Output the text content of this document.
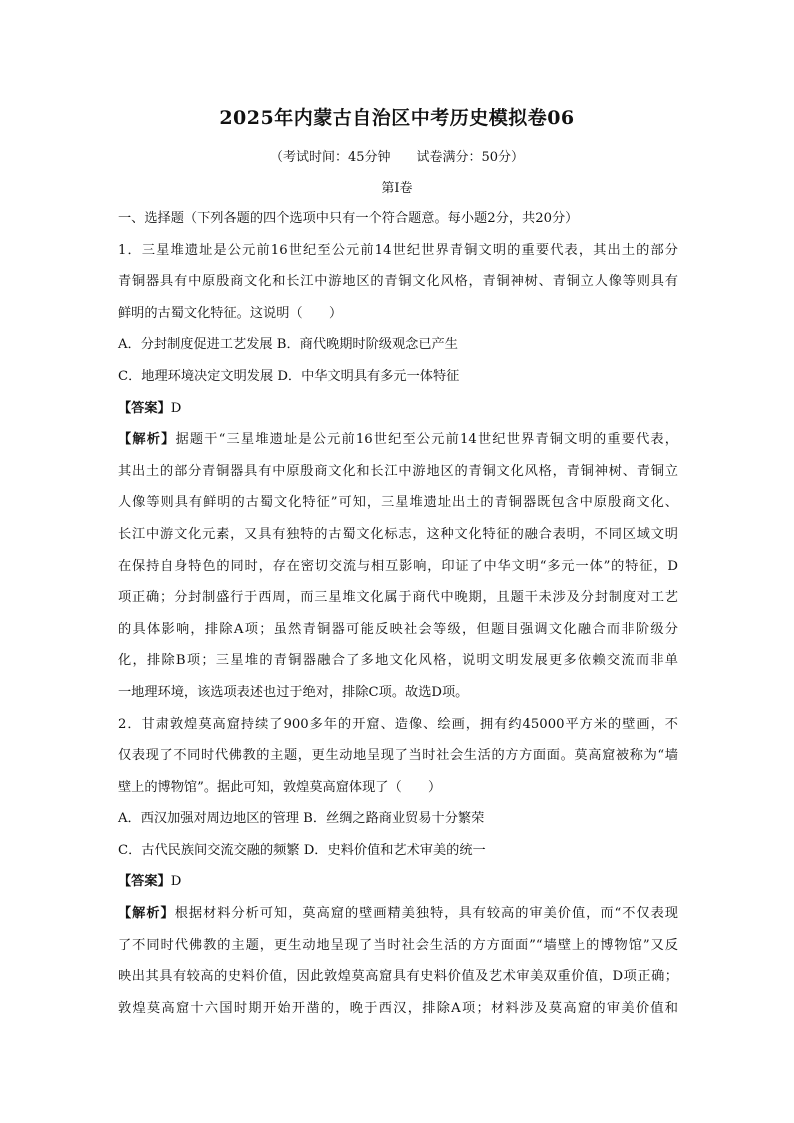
2025年内蒙古自治区中考历史模拟卷06
（考试时间：45分钟 试卷满分：50分）
第Ⅰ卷

一、选择题（下列各题的四个选项中只有一个符合题意。每小题2分，共20分）

1．三星堆遗址是公元前16世纪至公元前14世纪世界青铜文明的重要代表，其出土的部分

青铜器具有中原殷商文化和长江中游地区的青铜文化风格，青铜神树、青铜立人像等则具有

鲜明的古蜀文化特征。这说明（　　）

A．分封制度促进工艺发展 B．商代晚期时阶级观念已产生

C．地理环境决定文明发展 D．中华文明具有多元一体特征

【答案】D

【解析】据题干“三星堆遗址是公元前16世纪至公元前14世纪世界青铜文明的重要代表，

其出土的部分青铜器具有中原殷商文化和长江中游地区的青铜文化风格，青铜神树、青铜立

人像等则具有鲜明的古蜀文化特征”可知，三星堆遗址出土的青铜器既包含中原殷商文化、

长江中游文化元素，又具有独特的古蜀文化标志，这种文化特征的融合表明，不同区域文明

在保持自身特色的同时，存在密切交流与相互影响，印证了中华文明“多元一体”的特征，D

项正确；分封制盛行于西周，而三星堆文化属于商代中晚期，且题干未涉及分封制度对工艺

的具体影响，排除A项；虽然青铜器可能反映社会等级，但题目强调文化融合而非阶级分

化，排除B项；三星堆的青铜器融合了多地文化风格，说明文明发展更多依赖交流而非单

一地理环境，该选项表述也过于绝对，排除C项。故选D项。

2．甘肃敦煌莫高窟持续了900多年的开窟、造像、绘画，拥有约45000平方米的壁画，不

仅表现了不同时代佛教的主题，更生动地呈现了当时社会生活的方方面面。莫高窟被称为“墙

壁上的博物馆”。据此可知，敦煌莫高窟体现了（　　）

A．西汉加强对周边地区的管理 B．丝绸之路商业贸易十分繁荣

C．古代民族间交流交融的频繁 D．史料价值和艺术审美的统一

【答案】D

【解析】根据材料分析可知，莫高窟的壁画精美独特，具有较高的审美价值，而“不仅表现

了不同时代佛教的主题，更生动地呈现了当时社会生活的方方面面”“墙壁上的博物馆”又反

映出其具有较高的史料价值，因此敦煌莫高窟具有史料价值及艺术审美双重价值，D项正确；

敦煌莫高窟十六国时期开始开凿的，晚于西汉，排除A项；材料涉及莫高窟的审美价值和
